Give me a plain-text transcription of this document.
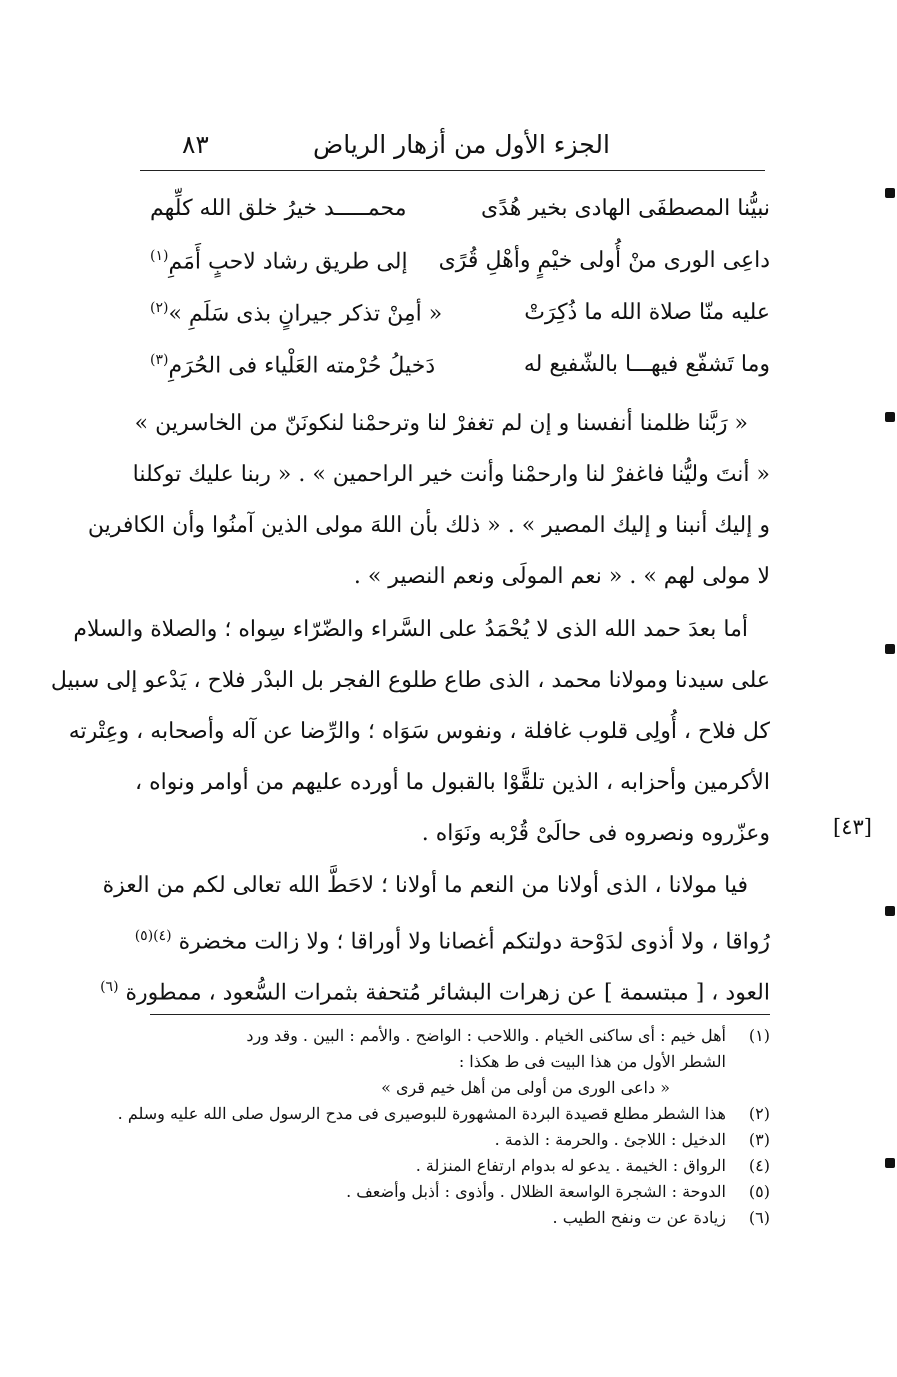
الجزء الأول من أزهار الرياض
٨٣
نبيُّنا المصطفَى الهادى بخير هُدًى
محمـــــد خيرُ خلق الله كلِّهم
داعِى الورى منْ أُولى خيْمٍ وأهْلِ قُرًى
إلى طريق رشاد لاحبٍ أَمَمِ$^{(١)}$
عليه منّا صلاة الله ما ذُكِرَتْ
« أمِنْ تذكر جيرانٍ بذى سَلَمِ »$^{(٢)}$
وما تَشفّع فيهـــا بالشّفيع له
دَخيلُ حُرْمته العَلْياء فى الحُرَمِ$^{(٣)}$
« رَبَّنا ظلمنا أنفسنا و إن لم تغفرْ لنا وترحمْنا لنكونَنّ من الخاسرين »
« أنتَ وليُّنا فاغفرْ لنا وارحمْنا وأنت خير الراحمين » . « ربنا عليك توكلنا
و إليك أنبنا و إليك المصير » . « ذلك بأن اللهَ مولى الذين آمنُوا وأن الكافرين
لا مولى لهم » . « نعم المولَى ونعم النصير » .
أما بعدَ حمد الله الذى لا يُحْمَدُ على السَّراء والضّرّاء سِواه ؛ والصلاة والسلام
على سيدنا ومولانا محمد ، الذى طاع طلوع الفجر بل البدْر فلاح ، يَدْعو إلى سبيل
كل فلاح ، أُولِى قلوب غافلة ، ونفوس سَوَاه ؛ والرِّضا عن آله وأصحابه ، وعِتْرته
الأكرمين وأحزابه ، الذين تلقَّوْا بالقبول ما أورده عليهم من أوامر ونواه ،
وعزّروه ونصروه فى حالَىْ قُرْبه ونَوَاه .	[٤٣]
فيا مولانا ، الذى أولانا من النعم ما أولانا ؛ لاحَطَّ الله تعالى لكم من العزة
رُواقا ، ولا أذوى لدَوْحة دولتكم أغصانا ولا أوراقا ؛ ولا زالت مخضرة $^{(٤)(٥)}$
العود ، [ مبتسمة ] عن زهرات البشائر مُتحفة بثمرات السُّعود ، ممطورة $^{(٦)}$
(١)
أهل خيم : أى ساكنى الخيام . واللاحب : الواضح . والأمم : البين . وقد ورد
الشطر الأول من هذا البيت فى ط هكذا :
« داعى الورى من أولى من أهل خيم قرى »
(٢)
هذا الشطر مطلع قصيدة البردة المشهورة للبوصيرى فى مدح الرسول صلى الله عليه وسلم .
(٣)
الدخيل : اللاجئ . والحرمة : الذمة .
(٤)
الرواق : الخيمة . يدعو له بدوام ارتفاع المنزلة .
(٥)
الدوحة : الشجرة الواسعة الظلال . وأذوى : أذبل وأضعف .
(٦)
زيادة عن ت ونفح الطيب .
